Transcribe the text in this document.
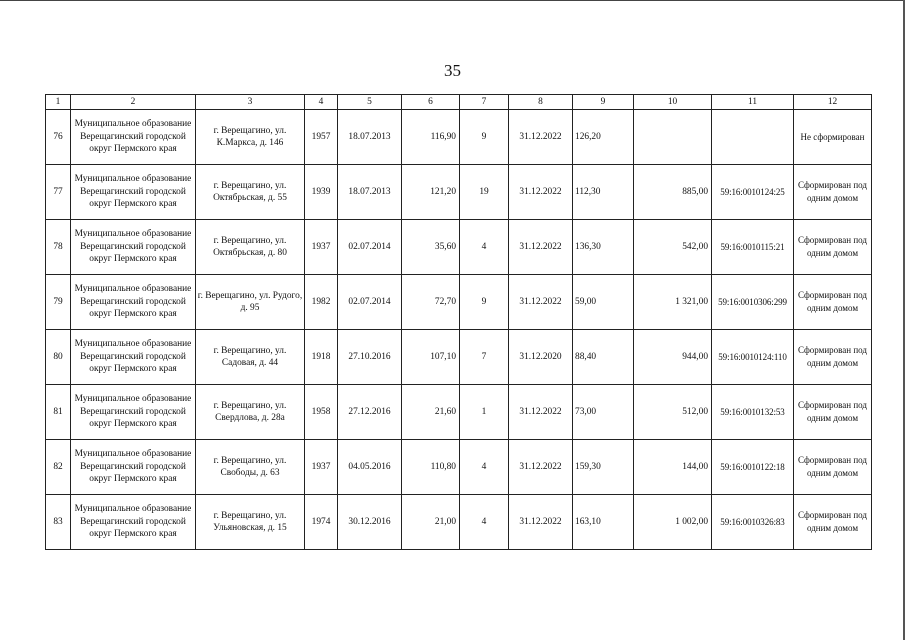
35
1	2	3	4	5	6	7	8	9	10	11	12
76	Муниципальное образование Верещагинский городской округ Пермского края	г. Верещагино, ул. К.Маркса, д. 146	1957	18.07.2013	116,90	9	31.12.2022	126,20			Не сформирован
77	Муниципальное образование Верещагинский городской округ Пермского края	г. Верещагино, ул. Октябрьская, д. 55	1939	18.07.2013	121,20	19	31.12.2022	112,30	885,00	59:16:0010124:25	Сформирован под одним домом
78	Муниципальное образование Верещагинский городской округ Пермского края	г. Верещагино, ул. Октябрьская, д. 80	1937	02.07.2014	35,60	4	31.12.2022	136,30	542,00	59:16:0010115:21	Сформирован под одним домом
79	Муниципальное образование Верещагинский городской округ Пермского края	г. Верещагино, ул. Рудого, д. 95	1982	02.07.2014	72,70	9	31.12.2022	59,00	1 321,00	59:16:0010306:299	Сформирован под одним домом
80	Муниципальное образование Верещагинский городской округ Пермского края	г. Верещагино, ул. Садовая, д. 44	1918	27.10.2016	107,10	7	31.12.2020	88,40	944,00	59:16:0010124:110	Сформирован под одним домом
81	Муниципальное образование Верещагинский городской округ Пермского края	г. Верещагино, ул. Свердлова, д. 28а	1958	27.12.2016	21,60	1	31.12.2022	73,00	512,00	59:16:0010132:53	Сформирован под одним домом
82	Муниципальное образование Верещагинский городской округ Пермского края	г. Верещагино, ул. Свободы, д. 63	1937	04.05.2016	110,80	4	31.12.2022	159,30	144,00	59:16:0010122:18	Сформирован под одним домом
83	Муниципальное образование Верещагинский городской округ Пермского края	г. Верещагино, ул. Ульяновская, д. 15	1974	30.12.2016	21,00	4	31.12.2022	163,10	1 002,00	59:16:0010326:83	Сформирован под одним домом
